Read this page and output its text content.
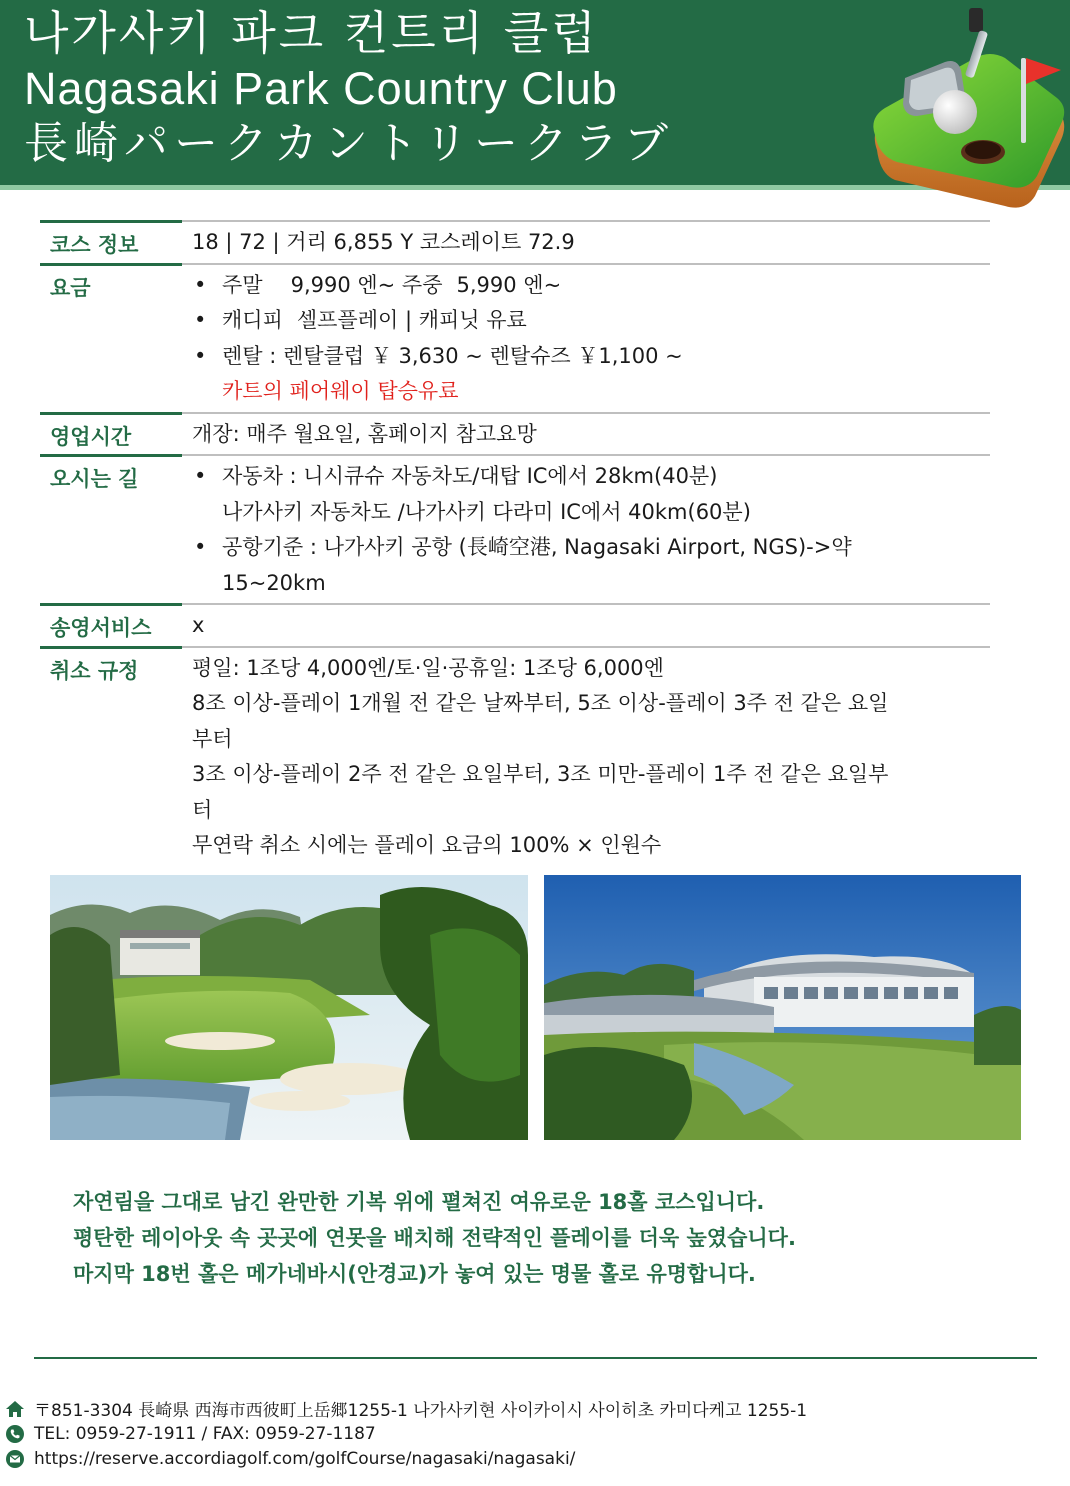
나가사키 파크 컨트리 클럽
Nagasaki Park Country Club
長崎パークカントリークラブ
코스 정보	18 | 72 | 거리 6,855 Y 코스레이트 72.9
요금	• 주말 9,990 엔~ 주중 5,990 엔~
• 캐디피 셀프플레이 | 캐피닛 유료
• 렌탈 : 렌탈클럽 ￥ 3,630 ~ 렌탈슈즈 ￥1,100 ~
카트의 페어웨이 탑승유료
영업시간	개장: 매주 월요일, 홈페이지 참고요망
오시는 길	• 자동차 : 니시큐슈 자동차도/대탑 IC에서 28km(40분)
나가사키 자동차도 /나가사키 다라미 IC에서 40km(60분)
• 공항기준 : 나가사키 공항 (長崎空港, Nagasaki Airport, NGS)->약
15~20km
송영서비스	x
취소 규정	평일: 1조당 4,000엔/토·일·공휴일: 1조당 6,000엔
8조 이상-플레이 1개월 전 같은 날짜부터, 5조 이상-플레이 3주 전 같은 요일
부터
3조 이상-플레이 2주 전 같은 요일부터, 3조 미만-플레이 1주 전 같은 요일부
터
무연락 취소 시에는 플레이 요금의 100% × 인원수
자연림을 그대로 남긴 완만한 기복 위에 펼쳐진 여유로운 18홀 코스입니다.
평탄한 레이아웃 속 곳곳에 연못을 배치해 전략적인 플레이를 더욱 높였습니다.
마지막 18번 홀은 메가네바시(안경교)가 놓여 있는 명물 홀로 유명합니다.
〒851-3304 長崎県 西海市西彼町上岳郷1255-1 나가사키현 사이카이시 사이히초 카미다케고 1255-1
TEL: 0959-27-1911 / FAX: 0959-27-1187
https://reserve.accordiagolf.com/golfCourse/nagasaki/nagasaki/
